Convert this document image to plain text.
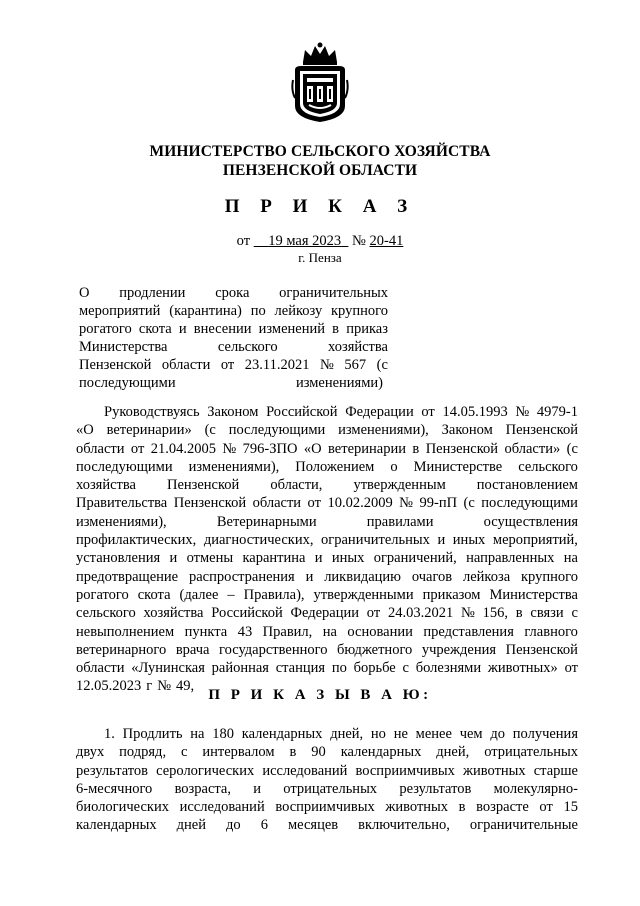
МИНИСТЕРСТВО СЕЛЬСКОГО ХОЗЯЙСТВА
ПЕНЗЕНСКОЙ ОБЛАСТИ
П Р И К А З
от 19 мая 2023 № 20-41
г. Пенза
О продлении срока ограничительных
мероприятий (карантина) по лейкозу крупного
рогатого скота и внесении изменений в приказ
Министерства	сельского	хозяйства
Пензенской области от 23.11.2021 № 567 (с
последующими	изменениями)
Руководствуясь Законом Российской Федерации от 14.05.1993 № 4979-1
«О ветеринарии» (с последующими изменениями), Законом Пензенской
области от 21.04.2005 № 796-ЗПО «О ветеринарии в Пензенской области» (с
последующими изменениями), Положением о Министерстве сельского
хозяйства Пензенской области, утвержденным постановлением
Правительства Пензенской области от 10.02.2009 № 99-пП (с последующими
изменениями),	Ветеринарными	правилами	осуществления
профилактических, диагностических, ограничительных и иных мероприятий,
установления и отмены карантина и иных ограничений, направленных на
предотвращение распространения и ликвидацию очагов лейкоза крупного
рогатого скота (далее – Правила), утвержденными приказом Министерства
сельского хозяйства Российской Федерации от 24.03.2021 № 156, в связи с
невыполнением пункта 43 Правил, на основании представления главного
ветеринарного врача государственного бюджетного учреждения Пензенской
области «Лунинская районная станция по борьбе с болезнями животных» от
12.05.2023 г № 49,
П Р И К А З Ы В А Ю:
1. Продлить на 180 календарных дней, но не менее чем до получения
двух подряд, с интервалом в 90 календарных дней, отрицательных
результатов серологических исследований восприимчивых животных старше
6-месячного возраста, и отрицательных результатов молекулярно-
биологических исследований восприимчивых животных в возрасте от 15
календарных дней до 6 месяцев включительно, ограничительные
